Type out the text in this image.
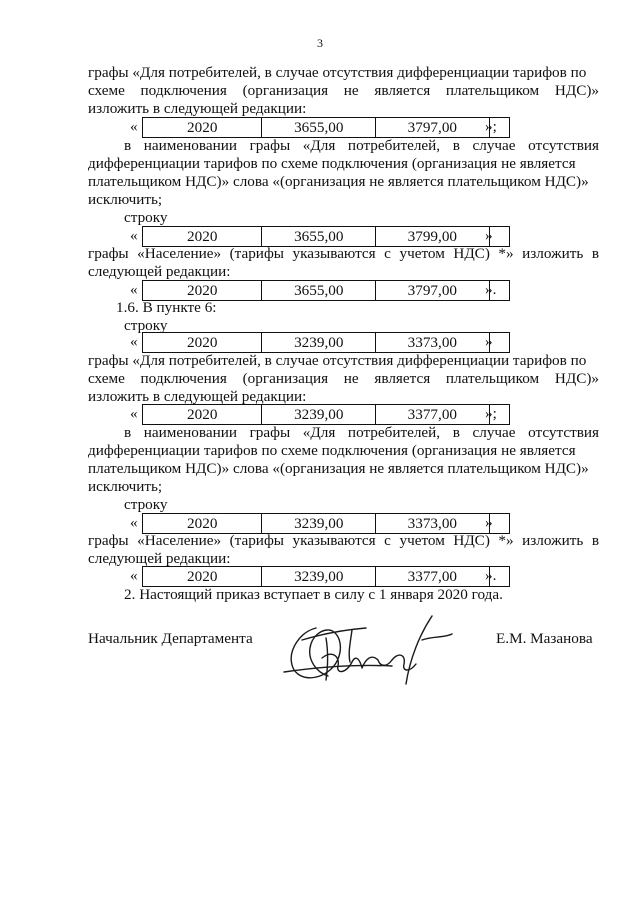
3
графы «Для потребителей, в случае отсутствия дифференциации тарифов по
схеме подключения (организация не является плательщиком НДС)»
изложить в следующей редакции:
«	2020	3655,00	3797,00	»;
в наименовании графы «Для потребителей, в случае отсутствия
дифференциации тарифов по схеме подключения (организация не является
плательщиком НДС)» слова «(организация не является плательщиком НДС)»
исключить;
строку
«	2020	3655,00	3799,00	»
графы «Население» (тарифы указываются с учетом НДС) *» изложить в
следующей редакции:
«	2020	3655,00	3797,00	».
1.6. В пункте 6:
строку
«	2020	3239,00	3373,00	»
графы «Для потребителей, в случае отсутствия дифференциации тарифов по
схеме подключения (организация не является плательщиком НДС)»
изложить в следующей редакции:
«	2020	3239,00	3377,00	»;
в наименовании графы «Для потребителей, в случае отсутствия
дифференциации тарифов по схеме подключения (организация не является
плательщиком НДС)» слова «(организация не является плательщиком НДС)»
исключить;
строку
«	2020	3239,00	3373,00	»
графы «Население» (тарифы указываются с учетом НДС) *» изложить в
следующей редакции:
«	2020	3239,00	3377,00	».
2. Настоящий приказ вступает в силу с 1 января 2020 года.
Начальник Департамента	Е.М. Мазанова
